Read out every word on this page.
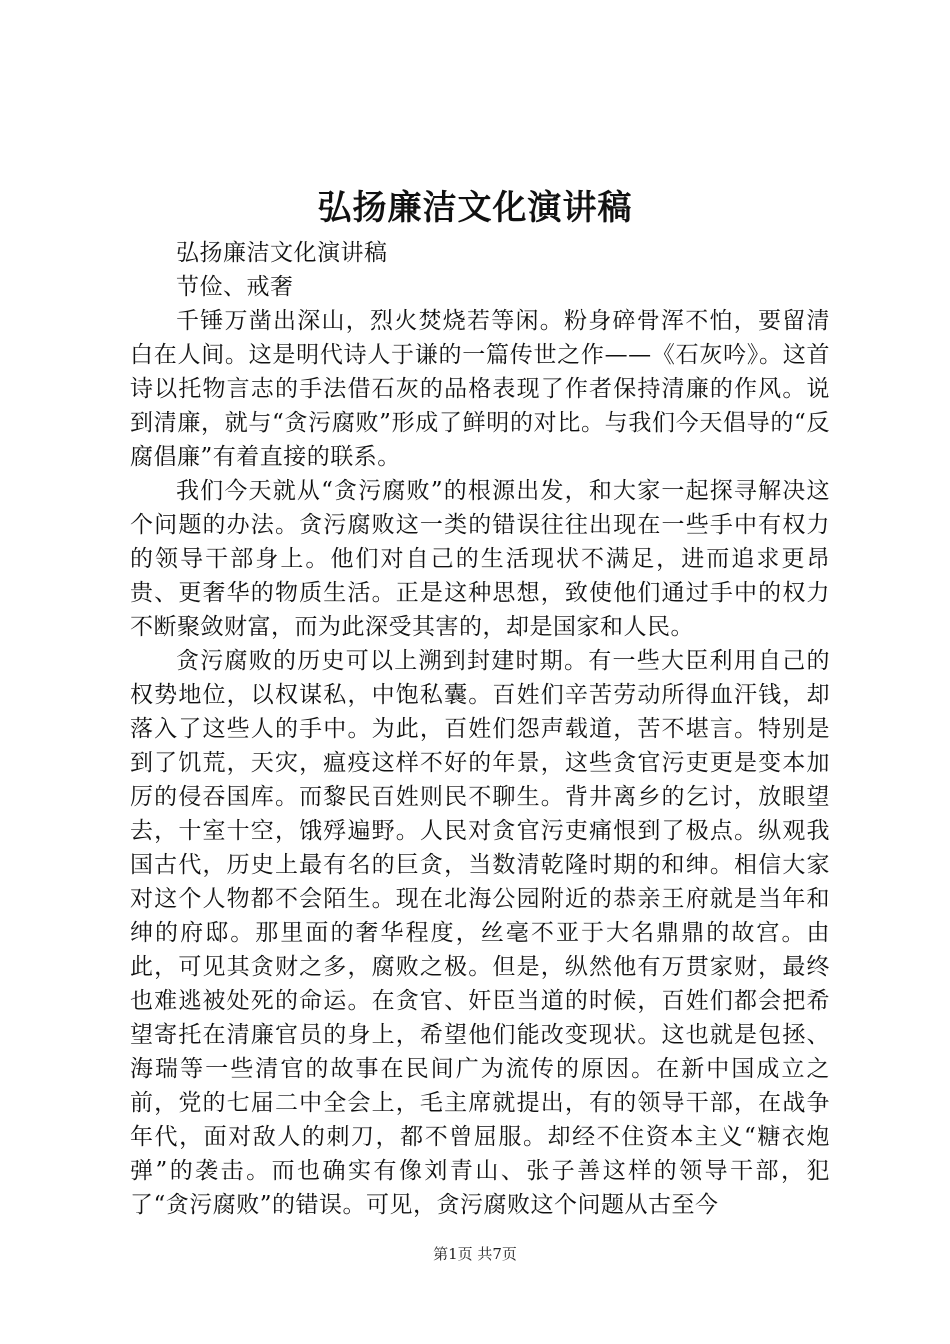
弘扬廉洁文化演讲稿

弘扬廉洁文化演讲稿

节俭、戒奢

千锤万凿出深山，烈火焚烧若等闲。粉身碎骨浑不怕，要留清白在人间。这是明代诗人于谦的一篇传世之作——《石灰吟》。这首诗以托物言志的手法借石灰的品格表现了作者保持清廉的作风。说到清廉，就与“贪污腐败”形成了鲜明的对比。与我们今天倡导的“反腐倡廉”有着直接的联系。

我们今天就从“贪污腐败”的根源出发，和大家一起探寻解决这个问题的办法。贪污腐败这一类的错误往往出现在一些手中有权力的领导干部身上。他们对自己的生活现状不满足，进而追求更昂贵、更奢华的物质生活。正是这种思想，致使他们通过手中的权力不断聚敛财富，而为此深受其害的，却是国家和人民。

贪污腐败的历史可以上溯到封建时期。有一些大臣利用自己的权势地位，以权谋私，中饱私囊。百姓们辛苦劳动所得血汗钱，却落入了这些人的手中。为此，百姓们怨声载道，苦不堪言。特别是到了饥荒，天灾，瘟疫这样不好的年景，这些贪官污吏更是变本加厉的侵吞国库。而黎民百姓则民不聊生。背井离乡的乞讨，放眼望去，十室十空，饿殍遍野。人民对贪官污吏痛恨到了极点。纵观我国古代，历史上最有名的巨贪，当数清乾隆时期的和绅。相信大家对这个人物都不会陌生。现在北海公园附近的恭亲王府就是当年和绅的府邸。那里面的奢华程度，丝毫不亚于大名鼎鼎的故宫。由此，可见其贪财之多，腐败之极。但是，纵然他有万贯家财，最终也难逃被处死的命运。在贪官、奸臣当道的时候，百姓们都会把希望寄托在清廉官员的身上，希望他们能改变现状。这也就是包拯、海瑞等一些清官的故事在民间广为流传的原因。在新中国成立之前，党的七届二中全会上，毛主席就提出，有的领导干部，在战争年代，面对敌人的刺刀，都不曾屈服。却经不住资本主义“糖衣炮弹”的袭击。而也确实有像刘青山、张子善这样的领导干部，犯了“贪污腐败”的错误。可见，贪污腐败这个问题从古至今

第1页 共7页
